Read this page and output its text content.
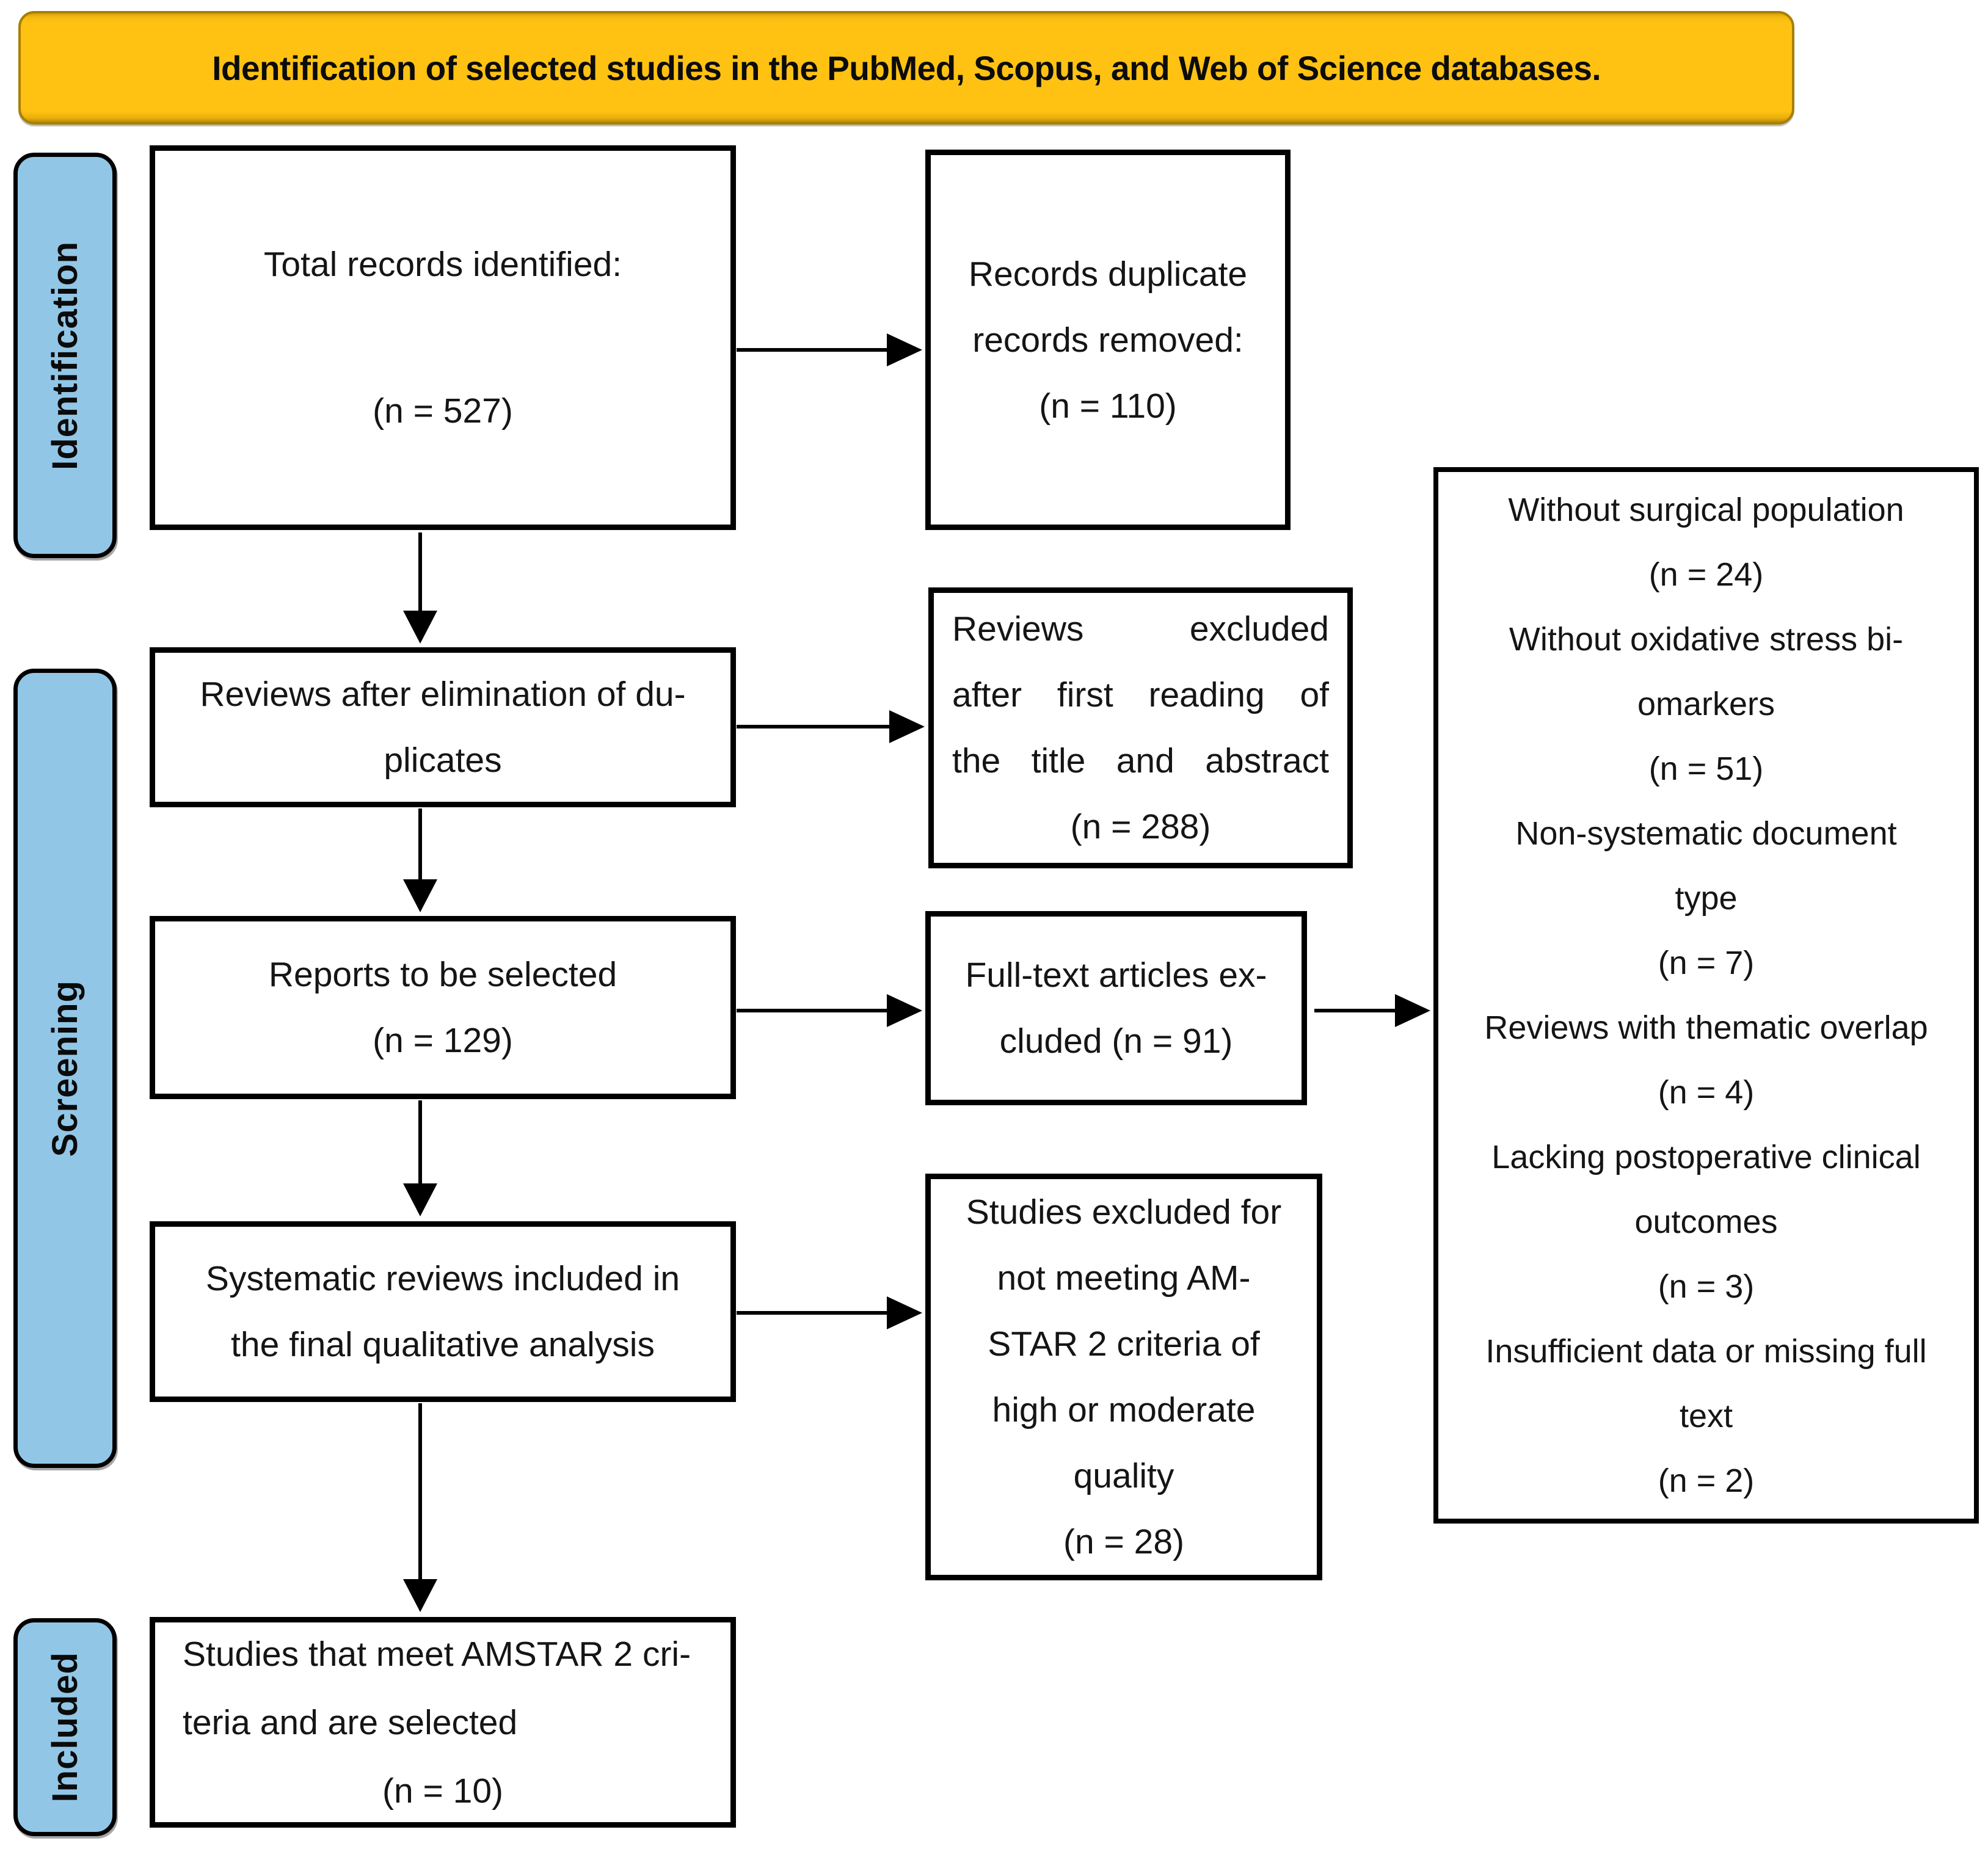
Identification of selected studies in the PubMed, Scopus, and Web of Science databases.
Identification
Screening
Included
Total records identified:
(n = 527)
Records duplicate
records removed:
(n = 110)
Reviews after elimination of du-
plicates
Reviews excluded
after first reading of
the title and abstract
(n = 288)
Reports to be selected
(n = 129)
Full-text articles ex-
cluded (n = 91)
Systematic reviews included in
the final qualitative analysis
Studies excluded for
not meeting AM-
STAR 2 criteria of
high or moderate
quality
(n = 28)
Studies that meet AMSTAR 2 cri-
teria and are selected
(n = 10)
Without surgical population
(n = 24)
Without oxidative stress bi-
omarkers
(n = 51)
Non-systematic document
type
(n = 7)
Reviews with thematic overlap
(n = 4)
Lacking postoperative clinical
outcomes
(n = 3)
Insufficient data or missing full
text
(n = 2)
